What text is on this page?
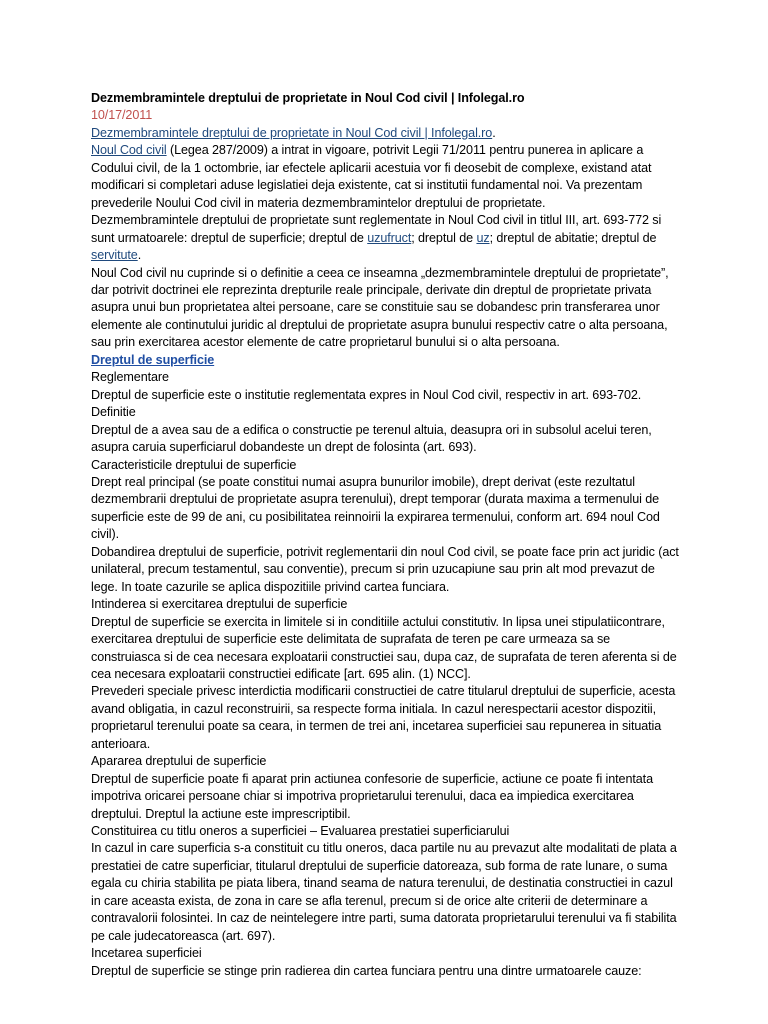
Dezmembramintele dreptului de proprietate in Noul Cod civil | Infolegal.ro

10/17/2011

Dezmembramintele dreptului de proprietate in Noul Cod civil | Infolegal.ro.

Noul Cod civil (Legea 287/2009) a intrat in vigoare, potrivit Legii 71/2011 pentru punerea in aplicare a Codului civil, de la 1 octombrie, iar efectele aplicarii acestuia vor fi deosebit de complexe, existand atat modificari si completari aduse legislatiei deja existente, cat si institutii fundamental noi. Va prezentam prevederile Noului Cod civil in materia dezmembramintelor dreptului de proprietate.

Dezmembramintele dreptului de proprietate sunt reglementate in Noul Cod civil in titlul III, art. 693-772 si sunt urmatoarele: dreptul de superficie; dreptul de uzufruct; dreptul de uz; dreptul de abitatie; dreptul de servitute.

Noul Cod civil nu cuprinde si o definitie a ceea ce inseamna „dezmembramintele dreptului de proprietate”, dar potrivit doctrinei ele reprezinta drepturile reale principale, derivate din dreptul de proprietate privata asupra unui bun proprietatea altei persoane, care se constituie sau se dobandesc prin transferarea unor elemente ale continutului juridic al dreptului de proprietate asupra bunului respectiv catre o alta persoana, sau prin exercitarea acestor elemente de catre proprietarul bunului si o alta persoana.

Dreptul de superficie

Reglementare

Dreptul de superficie este o institutie reglementata expres in Noul Cod civil, respectiv in art. 693-702.

Definitie

Dreptul de a avea sau de a edifica o constructie pe terenul altuia, deasupra ori in subsolul acelui teren, asupra caruia superficiarul dobandeste un drept de folosinta (art. 693).

Caracteristicile dreptului de superficie

Drept real principal (se poate constitui numai asupra bunurilor imobile), drept derivat (este rezultatul dezmembrarii dreptului de proprietate asupra terenului), drept temporar (durata maxima a termenului de superficie este de 99 de ani, cu posibilitatea reinnoirii la expirarea termenului, conform art. 694 noul Cod civil).

Dobandirea dreptului de superficie, potrivit reglementarii din noul Cod civil, se poate face prin act juridic (act unilateral, precum testamentul, sau conventie), precum si prin uzucapiune sau prin alt mod prevazut de lege. In toate cazurile se aplica dispozitiile privind cartea funciara.

Intinderea si exercitarea dreptului de superficie

Dreptul de superficie se exercita in limitele si in conditiile actului constitutiv. In lipsa unei stipulatiicontrare, exercitarea dreptului de superficie este delimitata de suprafata de teren pe care urmeaza sa se construiasca si de cea necesara exploatarii constructiei sau, dupa caz, de suprafata de teren aferenta si de cea necesara exploatarii constructiei edificate [art. 695 alin. (1) NCC].

Prevederi speciale privesc interdictia modificarii constructiei de catre titularul dreptului de superficie, acesta avand obligatia, in cazul reconstruirii, sa respecte forma initiala. In cazul nerespectarii acestor dispozitii, proprietarul terenului poate sa ceara, in termen de trei ani, incetarea superficiei sau repunerea in situatia anterioara.

Apararea dreptului de superficie

Dreptul de superficie poate fi aparat prin actiunea confesorie de superficie, actiune ce poate fi intentata impotriva oricarei persoane chiar si impotriva proprietarului terenului, daca ea impiedica exercitarea dreptului. Dreptul la actiune este imprescriptibil.

Constituirea cu titlu oneros a superficiei – Evaluarea prestatiei superficiarului

In cazul in care superficia s-a constituit cu titlu oneros, daca partile nu au prevazut alte modalitati de plata a prestatiei de catre superficiar, titularul dreptului de superficie datoreaza, sub forma de rate lunare, o suma egala cu chiria stabilita pe piata libera, tinand seama de natura terenului, de destinatia constructiei in cazul in care aceasta exista, de zona in care se afla terenul, precum si de orice alte criterii de determinare a contravalorii folosintei. In caz de neintelegere intre parti, suma datorata proprietarului terenului va fi stabilita pe cale judecatoreasca (art. 697).

Incetarea superficiei

Dreptul de superficie se stinge prin radierea din cartea funciara pentru una dintre urmatoarele cauze:
